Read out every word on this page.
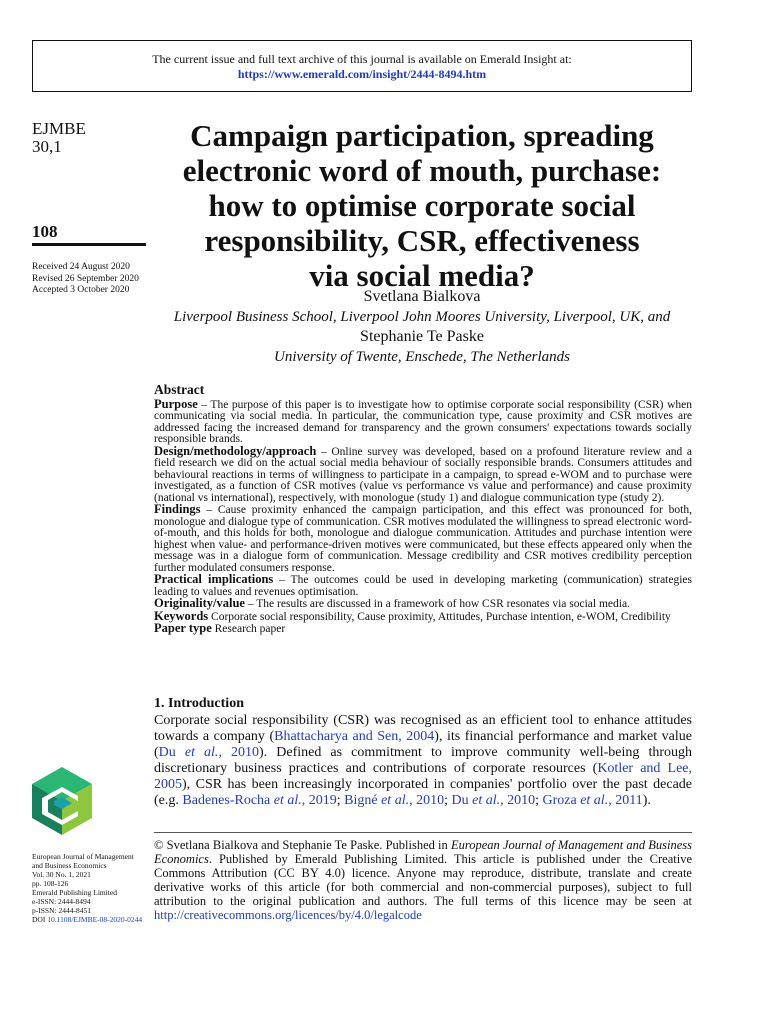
The current issue and full text archive of this journal is available on Emerald Insight at:
https://www.emerald.com/insight/2444-8494.htm
EJMBE
30,1
108
Received 24 August 2020
Revised 26 September 2020
Accepted 3 October 2020
Campaign participation, spreading
electronic word of mouth, purchase:
how to optimise corporate social
responsibility, CSR, effectiveness
via social media?
Svetlana Bialkova
Liverpool Business School, Liverpool John Moores University, Liverpool, UK, and
Stephanie Te Paske
University of Twente, Enschede, The Netherlands
Abstract

Purpose – The purpose of this paper is to investigate how to optimise corporate social responsibility (CSR) when communicating via social media. In particular, the communication type, cause proximity and CSR motives are addressed facing the increased demand for transparency and the grown consumers' expectations towards socially responsible brands.

Design/methodology/approach – Online survey was developed, based on a profound literature review and a field research we did on the actual social media behaviour of socially responsible brands. Consumers attitudes and behavioural reactions in terms of willingness to participate in a campaign, to spread e-WOM and to purchase were investigated, as a function of CSR motives (value vs performance vs value and performance) and cause proximity (national vs international), respectively, with monologue (study 1) and dialogue communication type (study 2).

Findings – Cause proximity enhanced the campaign participation, and this effect was pronounced for both, monologue and dialogue type of communication. CSR motives modulated the willingness to spread electronic word-of-mouth, and this holds for both, monologue and dialogue communication. Attitudes and purchase intention were highest when value- and performance-driven motives were communicated, but these effects appeared only when the message was in a dialogue form of communication. Message credibility and CSR motives credibility perception further modulated consumers response.

Practical implications – The outcomes could be used in developing marketing (communication) strategies leading to values and revenues optimisation.

Originality/value – The results are discussed in a framework of how CSR resonates via social media.

Keywords Corporate social responsibility, Cause proximity, Attitudes, Purchase intention, e-WOM, Credibility

Paper type Research paper

1. Introduction

Corporate social responsibility (CSR) was recognised as an efficient tool to enhance attitudes towards a company (Bhattacharya and Sen, 2004), its financial performance and market value (Du et al., 2010). Defined as commitment to improve community well-being through discretionary business practices and contributions of corporate resources (Kotler and Lee, 2005), CSR has been increasingly incorporated in companies' portfolio over the past decade (e.g. Badenes-Rocha et al., 2019; Bigné et al., 2010; Du et al., 2010; Groza et al., 2011).

European Journal of Management
and Business Economics
Vol. 30 No. 1, 2021
pp. 108-126
Emerald Publishing Limited
e-ISSN: 2444-8494
p-ISSN: 2444-8451
DOI 10.1108/EJMBE-08-2020-0244

© Svetlana Bialkova and Stephanie Te Paske. Published in European Journal of Management and Business Economics. Published by Emerald Publishing Limited. This article is published under the Creative Commons Attribution (CC BY 4.0) licence. Anyone may reproduce, distribute, translate and create derivative works of this article (for both commercial and non-commercial purposes), subject to full attribution to the original publication and authors. The full terms of this licence may be seen at http://creativecommons.org/licences/by/4.0/legalcode
